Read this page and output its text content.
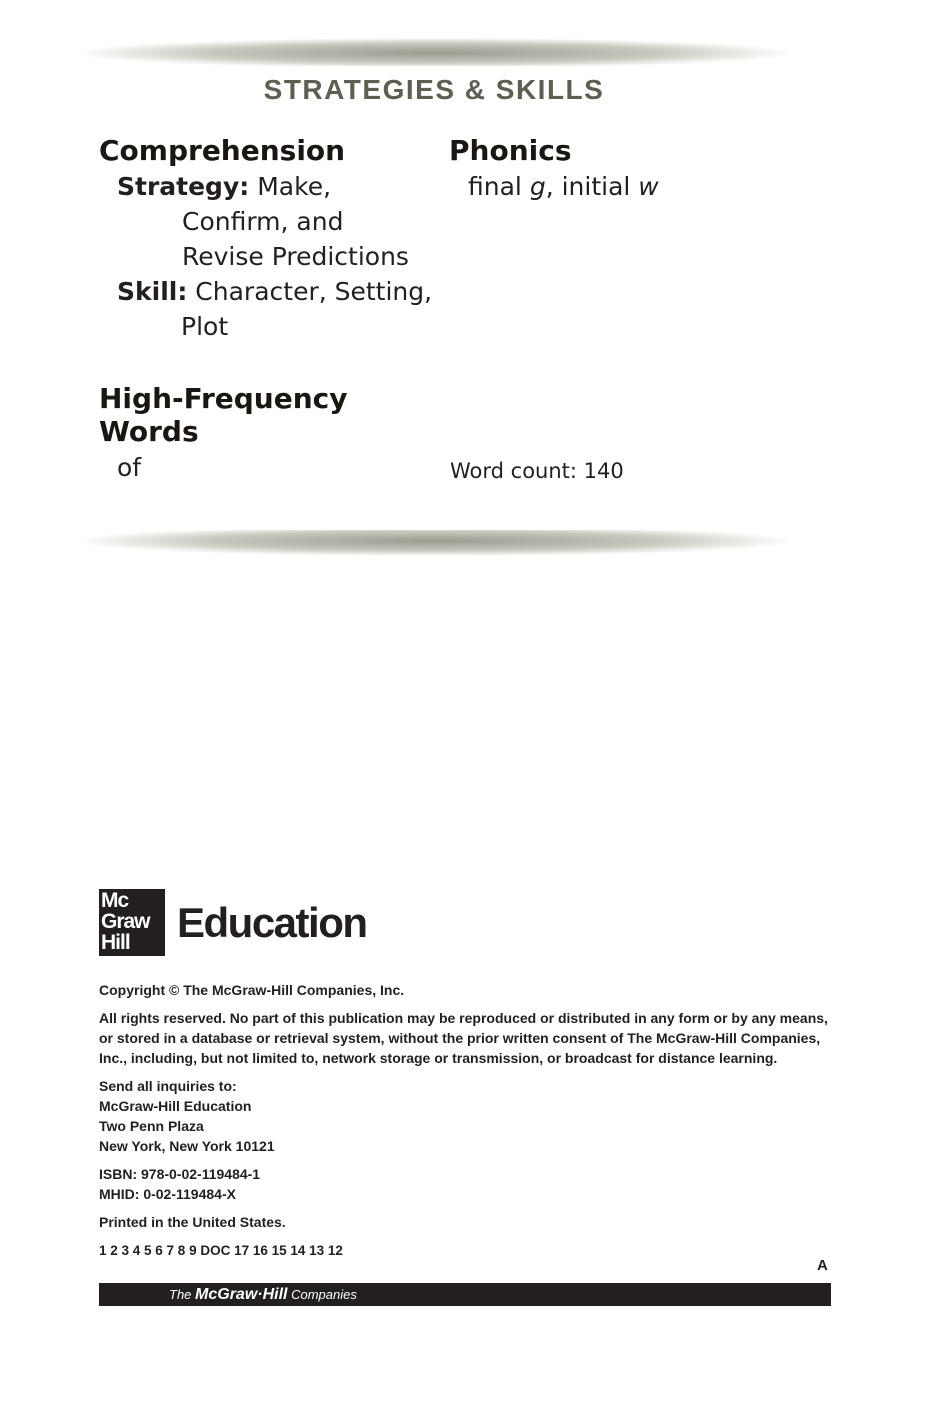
STRATEGIES & SKILLS
Comprehension
Strategy: Make,
Confirm, and
Revise Predictions
Skill: Character, Setting,
Plot
Phonics
final g, initial w
High-Frequency
Words
of	Word count: 140
Mc
Graw
Hill	Education
Copyright © The McGraw-Hill Companies, Inc.
All rights reserved. No part of this publication may be reproduced or distributed in any form or by any means,
or stored in a database or retrieval system, without the prior written consent of The McGraw-Hill Companies,
Inc., including, but not limited to, network storage or transmission, or broadcast for distance learning.
Send all inquiries to:
McGraw-Hill Education
Two Penn Plaza
New York, New York 10121
ISBN: 978-0-02-119484-1
MHID: 0-02-119484-X
Printed in the United States.
1 2 3 4 5 6 7 8 9 DOC 17 16 15 14 13 12
A
The McGraw·Hill Companies
